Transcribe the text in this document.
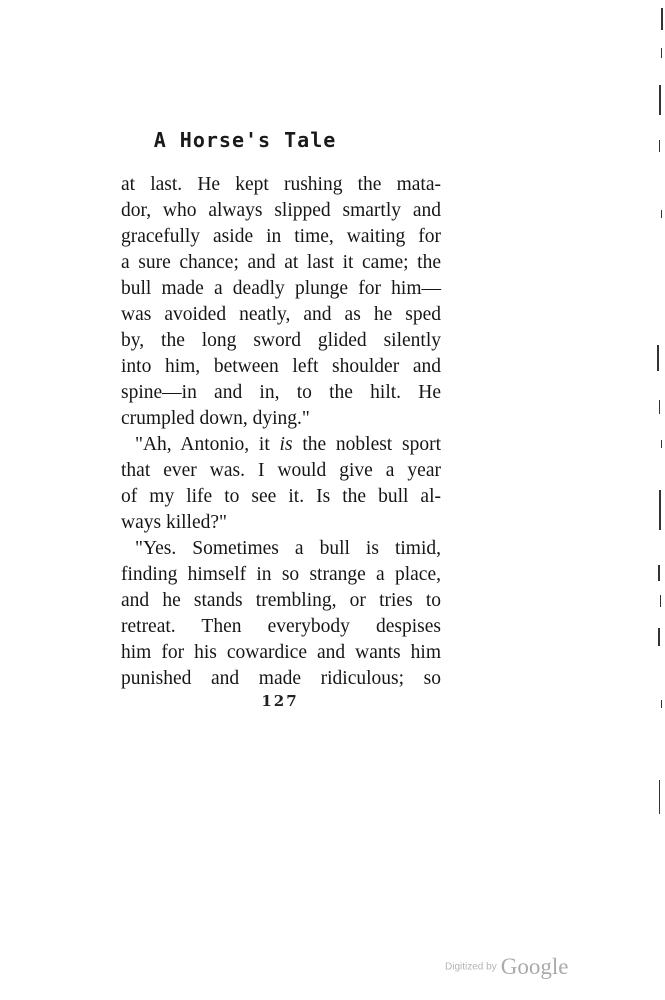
A Horse's Tale
at last. He kept rushing the mata-
dor, who always slipped smartly and
gracefully aside in time, waiting for
a sure chance; and at last it came; the
bull made a deadly plunge for him—
was avoided neatly, and as he sped
by, the long sword glided silently
into him, between left shoulder and
spine—in and in, to the hilt. He
crumpled down, dying."
"Ah, Antonio, it is the noblest sport
that ever was. I would give a year
of my life to see it. Is the bull al-
ways killed?"
"Yes. Sometimes a bull is timid,
finding himself in so strange a place,
and he stands trembling, or tries to
retreat. Then everybody despises
him for his cowardice and wants him
punished and made ridiculous; so
127
Digitized by Google
